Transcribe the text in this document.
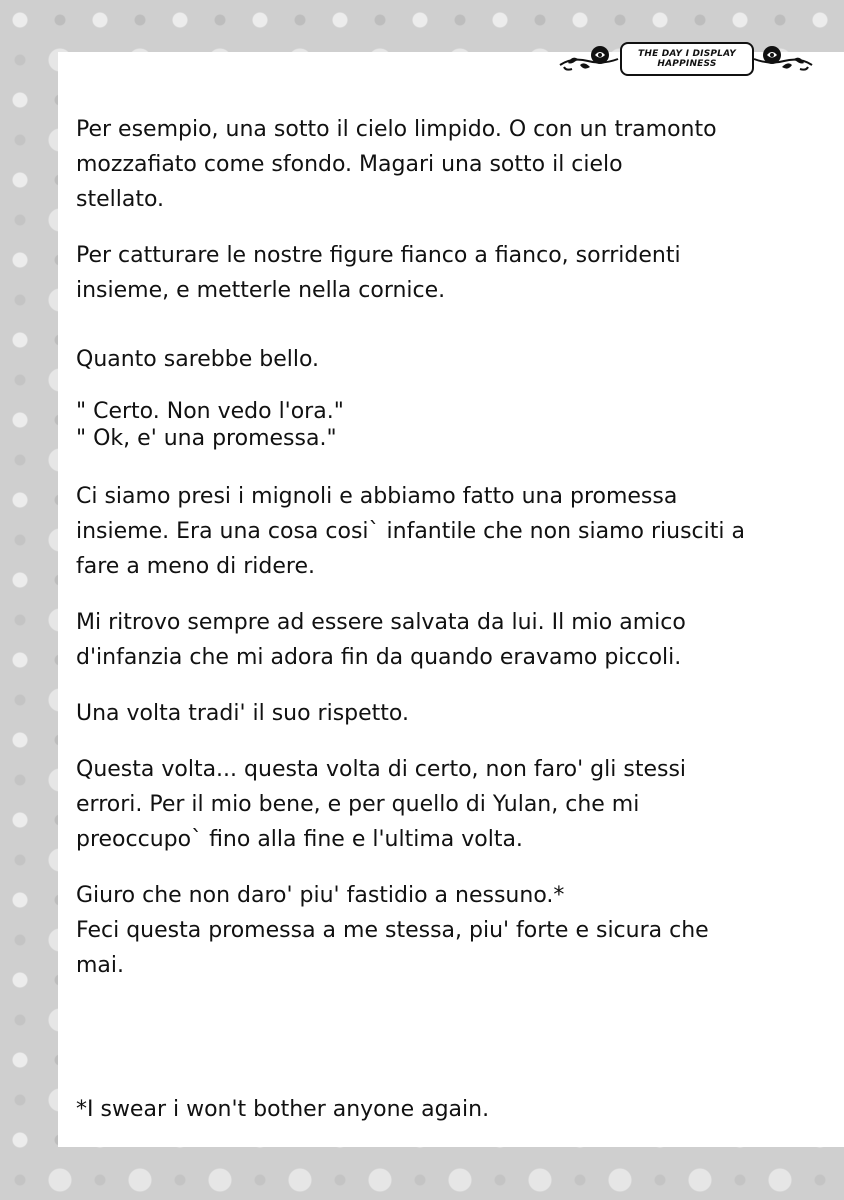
THE DAY I DISPLAY
HAPPINESS

Per esempio, una sotto il cielo limpido. O con un tramonto
mozzafiato come sfondo. Magari una sotto il cielo
stellato.

Per catturare le nostre figure fianco a fianco, sorridenti
insieme, e metterle nella cornice.

Quanto sarebbe bello.

" Certo. Non vedo l'ora."
" Ok, e' una promessa."

Ci siamo presi i mignoli e abbiamo fatto una promessa
insieme. Era una cosa cosi` infantile che non siamo riusciti a
fare a meno di ridere.

Mi ritrovo sempre ad essere salvata da lui. Il mio amico
d'infanzia che mi adora fin da quando eravamo piccoli.

Una volta tradi' il suo rispetto.

Questa volta... questa volta di certo, non faro' gli stessi
errori. Per il mio bene, e per quello di Yulan, che mi
preoccupo` fino alla fine e l'ultima volta.

Giuro che non daro' piu' fastidio a nessuno.*
Feci questa promessa a me stessa, piu' forte e sicura che
mai.

*I swear i won't bother anyone again.
